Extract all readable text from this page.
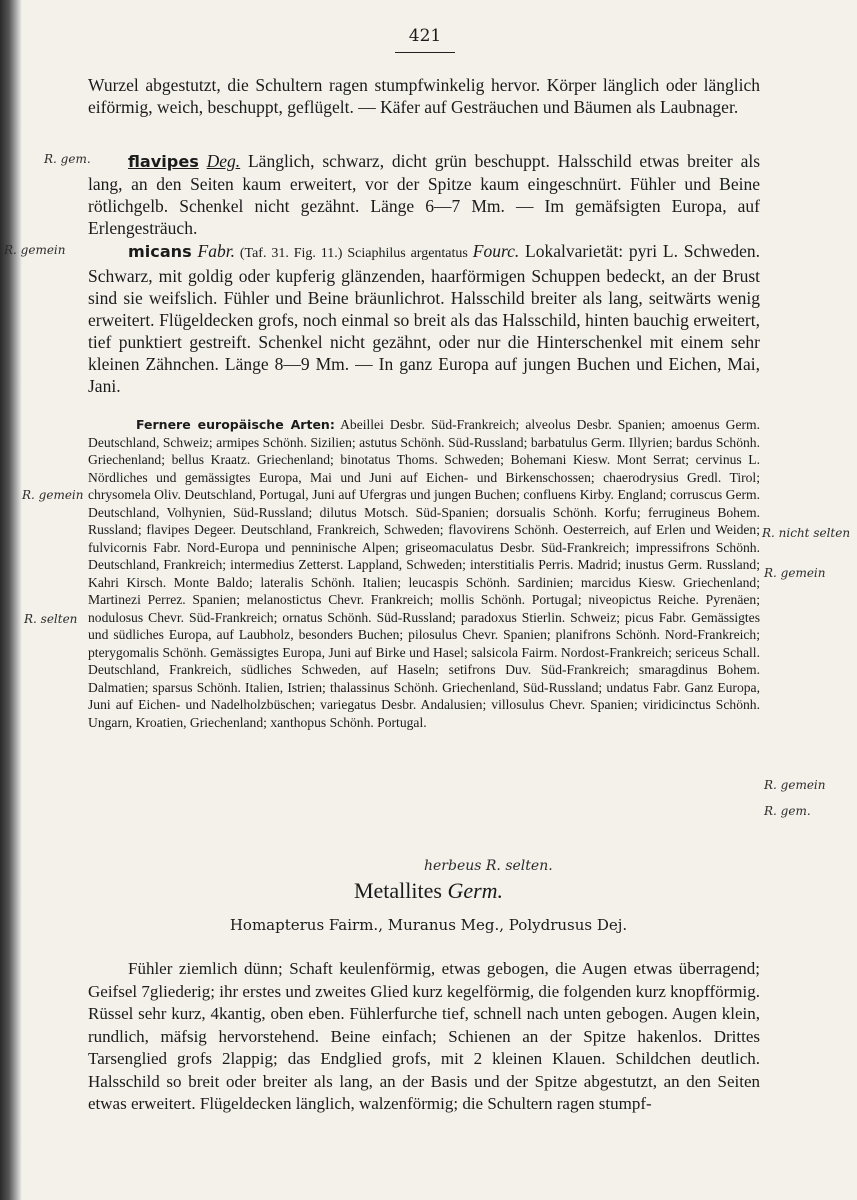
421
Wurzel abgestutzt, die Schultern ragen stumpfwinkelig hervor. Körper länglich oder länglich eiförmig, weich, beschuppt, geflügelt. — Käfer auf Gesträuchen und Bäumen als Laubnager.
flavipes Deg. Länglich, schwarz, dicht grün beschuppt. Halsschild etwas breiter als lang, an den Seiten kaum erweitert, vor der Spitze kaum eingeschnürt. Fühler und Beine rötlichgelb. Schenkel nicht gezähnt. Länge 6—7 Mm. — Im gemäfsigten Europa, auf Erlengesträuch.
micans Fabr. (Taf. 31. Fig. 11.) Sciaphilus argentatus Fourc. Lokalvarietät: pyri L. Schweden. Schwarz, mit goldig oder kupferig glänzenden, haarförmigen Schuppen bedeckt, an der Brust sind sie weifslich. Fühler und Beine bräunlichrot. Halsschild breiter als lang, seitwärts wenig erweitert. Flügeldecken grofs, noch einmal so breit als das Halsschild, hinten bauchig erweitert, tief punktiert gestreift. Schenkel nicht gezähnt, oder nur die Hinterschenkel mit einem sehr kleinen Zähnchen. Länge 8—9 Mm. — In ganz Europa auf jungen Buchen und Eichen, Mai, Jani.
Fernere europäische Arten: Abeillei Desbr. Süd-Frankreich; alveolus Desbr. Spanien; amoenus Germ. Deutschland, Schweiz; armipes Schönh. Sizilien; astutus Schönh. Süd-Russland; barbatulus Germ. Illyrien; bardus Schönh. Griechenland; bellus Kraatz. Griechenland; binotatus Thoms. Schweden; Bohemani Kiesw. Mont Serrat; cervinus L. Nördliches und gemässigtes Europa, Mai und Juni auf Eichen- und Birkenschossen; chaerodrysius Gredl. Tirol; chrysomela Oliv. Deutschland, Portugal, Juni auf Ufergras und jungen Buchen; confluens Kirby. England; corruscus Germ. Deutschland, Volhynien, Süd-Russland; dilutus Motsch. Süd-Spanien; dorsualis Schönh. Korfu; ferrugineus Bohem. Russland; flavipes Degeer. Deutschland, Frankreich, Schweden; flavovirens Schönh. Oesterreich, auf Erlen und Weiden; fulvicornis Fabr. Nord-Europa und penninische Alpen; griseomaculatus Desbr. Süd-Frankreich; impressifrons Schönh. Deutschland, Frankreich; intermedius Zetterst. Lappland, Schweden; interstitialis Perris. Madrid; inustus Germ. Russland; Kahri Kirsch. Monte Baldo; lateralis Schönh. Italien; leucaspis Schönh. Sardinien; marcidus Kiesw. Griechenland; Martinezi Perrez. Spanien; melanostictus Chevr. Frankreich; mollis Schönh. Portugal; niveopictus Reiche. Pyrenäen; nodulosus Chevr. Süd-Frankreich; ornatus Schönh. Süd-Russland; paradoxus Stierlin. Schweiz; picus Fabr. Gemässigtes und südliches Europa, auf Laubholz, besonders Buchen; pilosulus Chevr. Spanien; planifrons Schönh. Nord-Frankreich; pterygomalis Schönh. Gemässigtes Europa, Juni auf Birke und Hasel; salsicola Fairm. Nordost-Frankreich; sericeus Schall. Deutschland, Frankreich, südliches Schweden, auf Haseln; setifrons Duv. Süd-Frankreich; smaragdinus Bohem. Dalmatien; sparsus Schönh. Italien, Istrien; thalassinus Schönh. Griechenland, Süd-Russland; undatus Fabr. Ganz Europa, Juni auf Eichen- und Nadelholzbüschen; variegatus Desbr. Andalusien; villosulus Chevr. Spanien; viridicinctus Schönh. Ungarn, Kroatien, Griechenland; xanthopus Schönh. Portugal.
Metallites Germ.
Homapterus Fairm., Muranus Meg., Polydrusus Dej.
Fühler ziemlich dünn; Schaft keulenförmig, etwas gebogen, die Augen etwas überragend; Geifsel 7gliederig; ihr erstes und zweites Glied kurz kegelförmig, die folgenden kurz knopfförmig. Rüssel sehr kurz, 4kantig, oben eben. Fühlerfurche tief, schnell nach unten gebogen. Augen klein, rundlich, mäfsig hervorstehend. Beine einfach; Schienen an der Spitze hakenlos. Drittes Tarsenglied grofs 2lappig; das Endglied grofs, mit 2 kleinen Klauen. Schildchen deutlich. Halsschild so breit oder breiter als lang, an der Basis und der Spitze abgestutzt, an den Seiten etwas erweitert. Flügeldecken länglich, walzenförmig; die Schultern ragen stumpf-
R. gem.
R. gemein
R. gemein
R. selten
R. nicht selten
R. gemein
R. gemein
R. gem.
herbeus R. selten.
